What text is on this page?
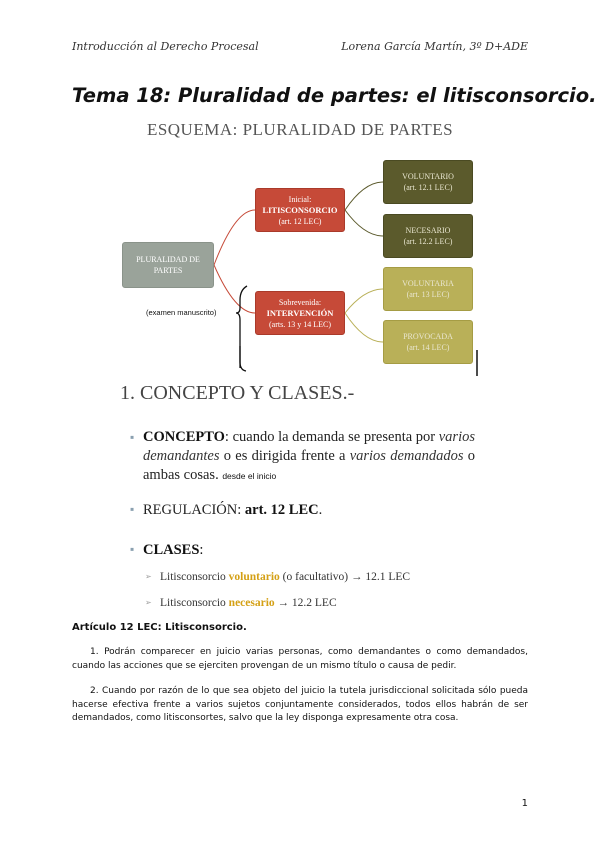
Introducción al Derecho Procesal	Lorena García Martín, 3º D+ADE
Tema 18: Pluralidad de partes: el litisconsorcio.
ESQUEMA: PLURALIDAD DE PARTES
PLURALIDAD DE PARTES
Inicial:
LITISCONSORCIO
(art. 12 LEC)
Sobrevenida:
INTERVENCIÓN
(arts. 13 y 14 LEC)
VOLUNTARIO
(art. 12.1 LEC)
NECESARIO
(art. 12.2 LEC)
VOLUNTARIA
(art. 13 LEC)
PROVOCADA
(art. 14 LEC)
(examen manuscrito)
1. CONCEPTO Y CLASES.-
▪ CONCEPTO: cuando la demanda se presenta por varios demandantes o es dirigida frente a varios demandados o ambas cosas. desde el inicio
▪ REGULACIÓN: art. 12 LEC.
▪ CLASES:
➢ Litisconsorcio voluntario (o facultativo) → 12.1 LEC
➢ Litisconsorcio necesario → 12.2 LEC
Artículo 12 LEC: Litisconsorcio.
1. Podrán comparecer en juicio varias personas, como demandantes o como demandados, cuando las acciones que se ejerciten provengan de un mismo título o causa de pedir.
2. Cuando por razón de lo que sea objeto del juicio la tutela jurisdiccional solicitada sólo pueda hacerse efectiva frente a varios sujetos conjuntamente considerados, todos ellos habrán de ser demandados, como litisconsortes, salvo que la ley disponga expresamente otra cosa.
1
